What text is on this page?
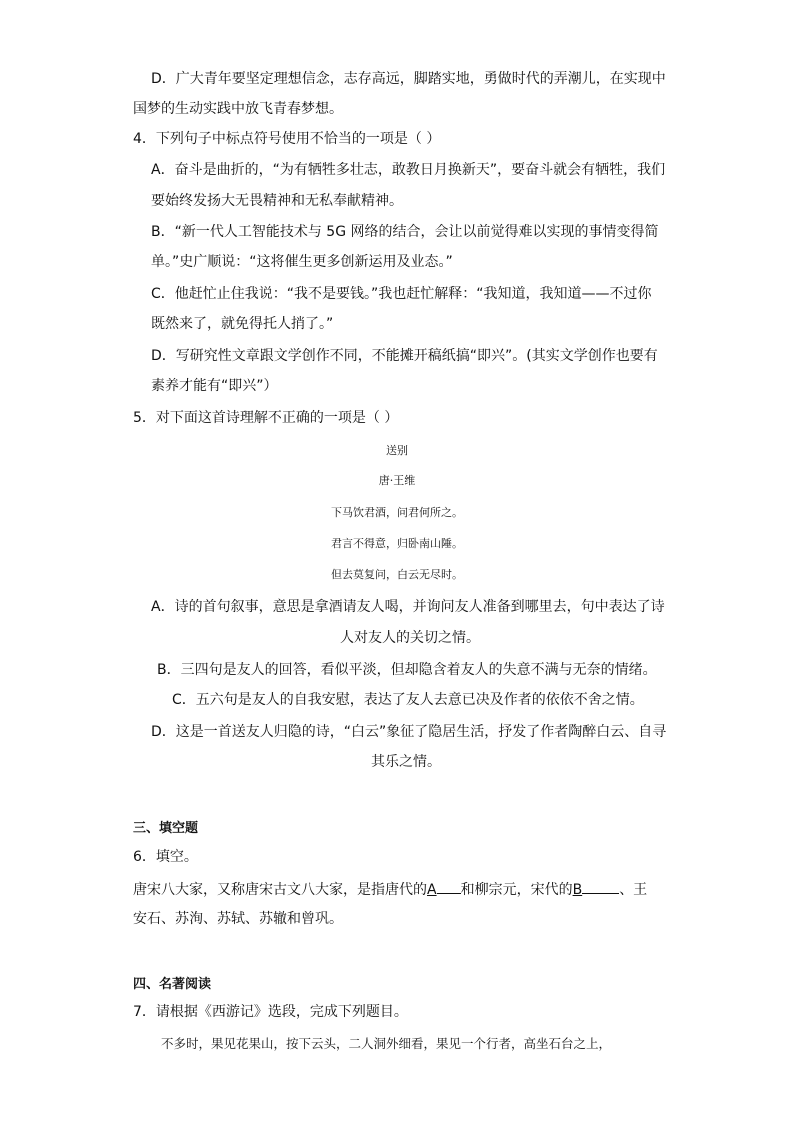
D．广大青年要坚定理想信念，志存高远，脚踏实地，勇做时代的弄潮儿，在实现中
国梦的生动实践中放飞青春梦想。
4．下列句子中标点符号使用不恰当的一项是（ ）
A．奋斗是曲折的，“为有牺牲多壮志，敢教日月换新天”，要奋斗就会有牺牲，我们
要始终发扬大无畏精神和无私奉献精神。
B．“新一代人工智能技术与 5G 网络的结合，会让以前觉得难以实现的事情变得简
单。”史广顺说：“这将催生更多创新运用及业态。”
C．他赶忙止住我说：“我不是要钱。”我也赶忙解释：“我知道，我知道——不过你
既然来了，就免得托人捎了。”
D．写研究性文章跟文学创作不同，不能摊开稿纸搞“即兴”。(其实文学创作也要有
素养才能有“即兴”）
5．对下面这首诗理解不正确的一项是（ ）
送别
唐·王维
下马饮君酒，问君何所之。
君言不得意，归卧南山陲。
但去莫复问，白云无尽时。
A．诗的首句叙事，意思是拿酒请友人喝，并询问友人准备到哪里去，句中表达了诗
人对友人的关切之情。
B．三四句是友人的回答，看似平淡，但却隐含着友人的失意不满与无奈的情绪。
C．五六句是友人的自我安慰，表达了友人去意已决及作者的依依不舍之情。
D．这是一首送友人归隐的诗，“白云”象征了隐居生活，抒发了作者陶醉白云、自寻
其乐之情。
三、填空题
6．填空。
唐宋八大家，又称唐宋古文八大家，是指唐代的A 和柳宗元，宋代的B	、王
安石、苏洵、苏轼、苏辙和曾巩。
四、名著阅读
7．请根据《西游记》选段，完成下列题目。
不多时，果见花果山，按下云头，二人洞外细看，果见一个行者，高坐石台之上，
